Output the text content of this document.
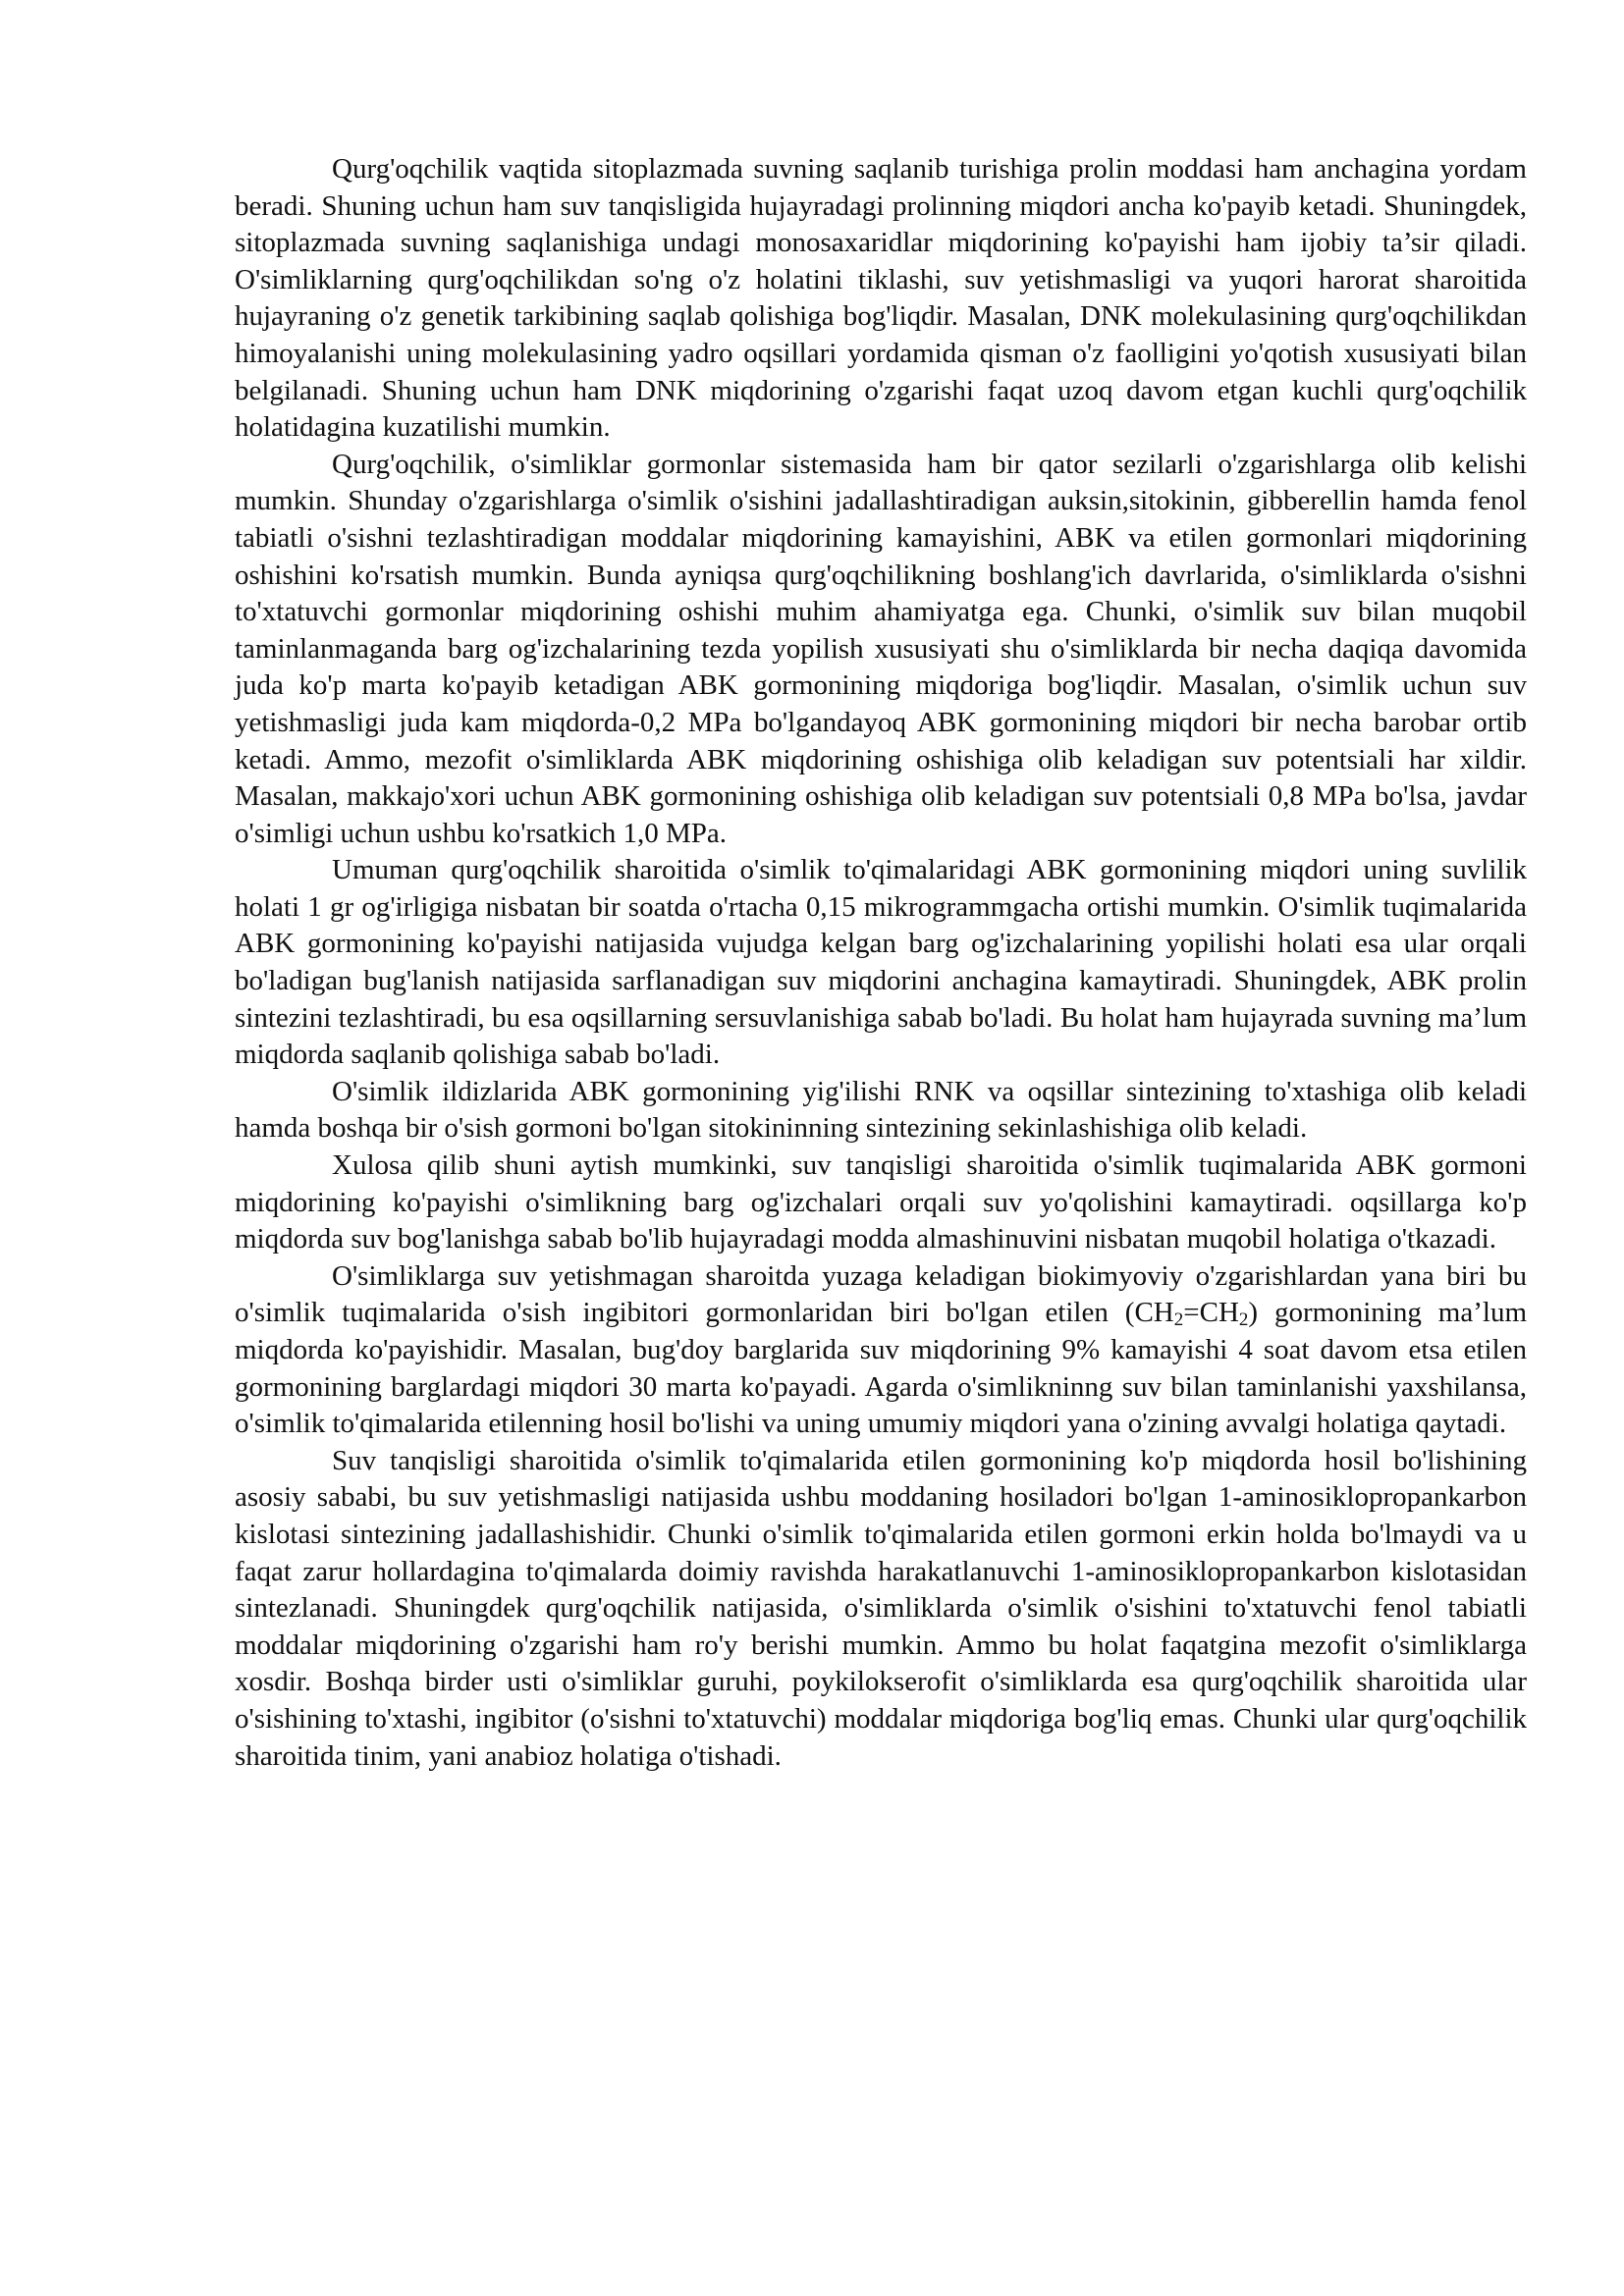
Qurg'oqchilik vaqtida sitoplazmada suvning saqlanib turishiga prolin moddasi ham anchagina yordam beradi. Shuning uchun ham suv tanqisligida hujayradagi prolinning miqdori ancha ko'payib ketadi. Shuningdek, sitoplazmada suvning saqlanishiga undagi monosaxaridlar miqdorining ko'payishi ham ijobiy ta’sir qiladi. O'simliklarning qurg'oqchilikdan so'ng o'z holatini tiklashi, suv yetishmasligi va yuqori harorat sharoitida hujayraning o'z genetik tarkibining saqlab qolishiga bog'liqdir. Masalan, DNK molekulasining qurg'oqchilikdan himoyalanishi uning molekulasining yadro oqsillari yordamida qisman o'z faolligini yo'qotish xususiyati bilan belgilanadi. Shuning uchun ham DNK miqdorining o'zgarishi faqat uzoq davom etgan kuchli qurg'oqchilik holatidagina kuzatilishi mumkin.

Qurg'oqchilik, o'simliklar gormonlar sistemasida ham bir qator sezilarli o'zgarishlarga olib kelishi mumkin. Shunday o'zgarishlarga o'simlik o'sishini jadallashtiradigan auksin,sitokinin, gibberellin hamda fenol tabiatli o'sishni tezlashtiradigan moddalar miqdorining kamayishini, ABK va etilen gormonlari miqdorining oshishini ko'rsatish mumkin. Bunda ayniqsa qurg'oqchilikning boshlang'ich davrlarida, o'simliklarda o'sishni to'xtatuvchi gormonlar miqdorining oshishi muhim ahamiyatga ega. Chunki, o'simlik suv bilan muqobil taminlanmaganda barg og'izchalarining tezda yopilish xususiyati shu o'simliklarda bir necha daqiqa davomida juda ko'p marta ko'payib ketadigan ABK gormonining miqdoriga bog'liqdir. Masalan, o'simlik uchun suv yetishmasligi juda kam miqdorda-0,2 MPa bo'lgandayoq ABK gormonining miqdori bir necha barobar ortib ketadi. Ammo, mezofit o'simliklarda ABK miqdorining oshishiga olib keladigan suv potentsiali har xildir. Masalan, makkajo'xori uchun ABK gormonining oshishiga olib keladigan suv potentsiali 0,8 MPa bo'lsa, javdar o'simligi uchun ushbu ko'rsatkich 1,0 MPa.

Umuman qurg'oqchilik sharoitida o'simlik to'qimalaridagi ABK gormonining miqdori uning suvlilik holati 1 gr og'irligiga nisbatan bir soatda o'rtacha 0,15 mikrogrammgacha ortishi mumkin. O'simlik tuqimalarida ABK gormonining ko'payishi natijasida vujudga kelgan barg og'izchalarining yopilishi holati esa ular orqali bo'ladigan bug'lanish natijasida sarflanadigan suv miqdorini anchagina kamaytiradi. Shuningdek, ABK prolin sintezini tezlashtiradi, bu esa oqsillarning sersuvlanishiga sabab bo'ladi. Bu holat ham hujayrada suvning ma’lum miqdorda saqlanib qolishiga sabab bo'ladi.

O'simlik ildizlarida ABK gormonining yig'ilishi RNK va oqsillar sintezining to'xtashiga olib keladi hamda boshqa bir o'sish gormoni bo'lgan sitokininning sintezining sekinlashishiga olib keladi.

Xulosa qilib shuni aytish mumkinki, suv tanqisligi sharoitida o'simlik tuqimalarida ABK gormoni miqdorining ko'payishi o'simlikning barg og'izchalari orqali suv yo'qolishini kamaytiradi. oqsillarga ko'p miqdorda suv bog'lanishga sabab bo'lib hujayradagi modda almashinuvini nisbatan muqobil holatiga o'tkazadi.

O'simliklarga suv yetishmagan sharoitda yuzaga keladigan biokimyoviy o'zgarishlardan yana biri bu o'simlik tuqimalarida o'sish ingibitori gormonlaridan biri bo'lgan etilen $(CH_2=CH_2)$ gormonining ma’lum miqdorda ko'payishidir. Masalan, bug'doy barglarida suv miqdorining 9% kamayishi 4 soat davom etsa etilen gormonining barglardagi miqdori 30 marta ko'payadi. Agarda o'simlikninng suv bilan taminlanishi yaxshilansa, o'simlik to'qimalarida etilenning hosil bo'lishi va uning umumiy miqdori yana o'zining avvalgi holatiga qaytadi.

Suv tanqisligi sharoitida o'simlik to'qimalarida etilen gormonining ko'p miqdorda hosil bo'lishining asosiy sababi, bu suv yetishmasligi natijasida ushbu moddaning hosiladori bo'lgan 1-aminosiklopropankarbon kislotasi sintezining jadallashishidir. Chunki o'simlik to'qimalarida etilen gormoni erkin holda bo'lmaydi va u faqat zarur hollardagina to'qimalarda doimiy ravishda harakatlanuvchi 1-aminosiklopropankarbon kislotasidan sintezlanadi. Shuningdek qurg'oqchilik natijasida, o'simliklarda o'simlik o'sishini to'xtatuvchi fenol tabiatli moddalar miqdorining o'zgarishi ham ro'y berishi mumkin. Ammo bu holat faqatgina mezofit o'simliklarga xosdir. Boshqa birder usti o'simliklar guruhi, poykilokserofit o'simliklarda esa qurg'oqchilik sharoitida ular o'sishining to'xtashi, ingibitor (o'sishni to'xtatuvchi) moddalar miqdoriga bog'liq emas. Chunki ular qurg'oqchilik sharoitida tinim, yani anabioz holatiga o'tishadi.
